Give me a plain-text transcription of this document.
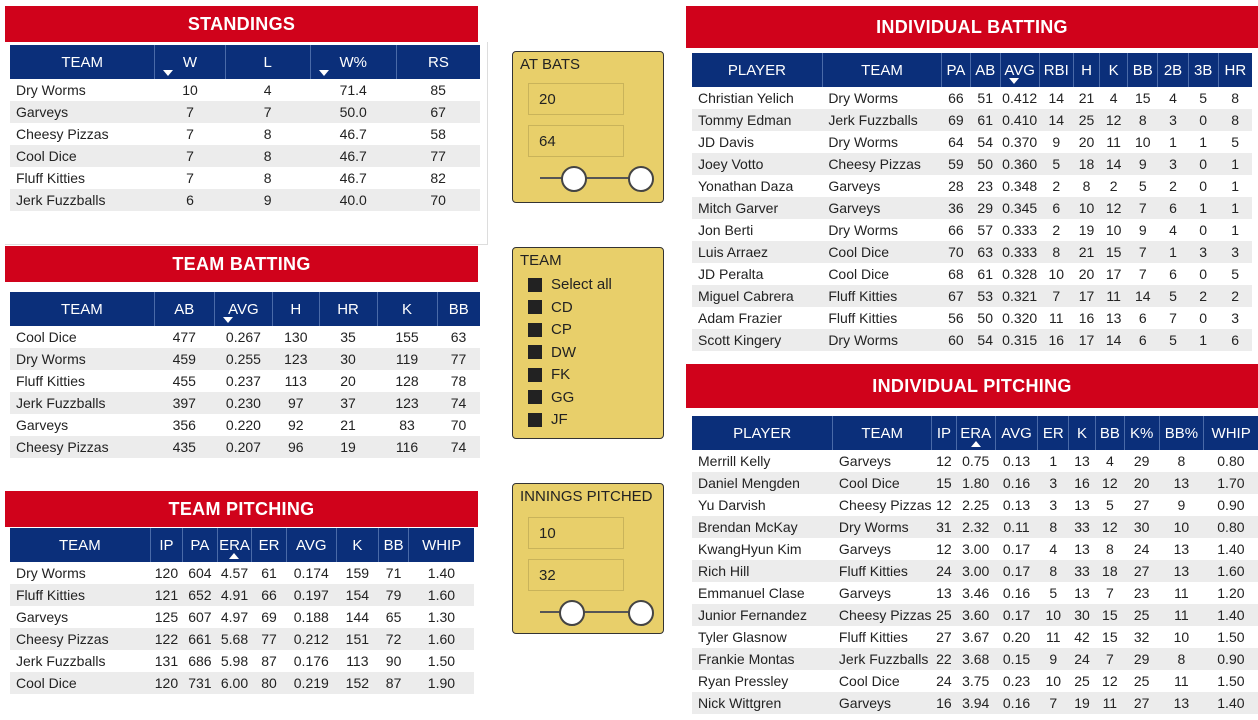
STANDINGS
TEAM	W	L	W%	RS
Dry Worms	10	4	71.4	85
Garveys	7	7	50.0	67
Cheesy Pizzas	7	8	46.7	58
Cool Dice	7	8	46.7	77
Fluff Kitties	7	8	46.7	82
Jerk Fuzzballs	6	9	40.0	70
TEAM BATTING
TEAM	AB	AVG	H	HR	K	BB
Cool Dice	477	0.267	130	35	155	63
Dry Worms	459	0.255	123	30	119	77
Fluff Kitties	455	0.237	113	20	128	78
Jerk Fuzzballs	397	0.230	97	37	123	74
Garveys	356	0.220	92	21	83	70
Cheesy Pizzas	435	0.207	96	19	116	74
TEAM PITCHING
TEAM	IP	PA	ERA	ER	AVG	K	BB	WHIP
Dry Worms	120	604	4.57	61	0.174	159	71	1.40
Fluff Kitties	121	652	4.91	66	0.197	154	79	1.60
Garveys	125	607	4.97	69	0.188	144	65	1.30
Cheesy Pizzas	122	661	5.68	77	0.212	151	72	1.60
Jerk Fuzzballs	131	686	5.98	87	0.176	113	90	1.50
Cool Dice	120	731	6.00	80	0.219	152	87	1.90
AT BATS
20
64
TEAM
Select all
CD
CP
DW
FK
GG
JF
INNINGS PITCHED
10
32
INDIVIDUAL BATTING
PLAYER	TEAM	PA	AB	AVG	RBI	H	K	BB	2B	3B	HR
Christian Yelich	Dry Worms	66	51	0.412	14	21	4	15	4	5	8
Tommy Edman	Jerk Fuzzballs	69	61	0.410	14	25	12	8	3	0	8
JD Davis	Dry Worms	64	54	0.370	9	20	11	10	1	1	5
Joey Votto	Cheesy Pizzas	59	50	0.360	5	18	14	9	3	0	1
Yonathan Daza	Garveys	28	23	0.348	2	8	2	5	2	0	1
Mitch Garver	Garveys	36	29	0.345	6	10	12	7	6	1	1
Jon Berti	Dry Worms	66	57	0.333	2	19	10	9	4	0	1
Luis Arraez	Cool Dice	70	63	0.333	8	21	15	7	1	3	3
JD Peralta	Cool Dice	68	61	0.328	10	20	17	7	6	0	5
Miguel Cabrera	Fluff Kitties	67	53	0.321	7	17	11	14	5	2	2
Adam Frazier	Fluff Kitties	56	50	0.320	11	16	13	6	7	0	3
Scott Kingery	Dry Worms	60	54	0.315	16	17	14	6	5	1	6
INDIVIDUAL PITCHING
PLAYER	TEAM	IP	ERA	AVG	ER	K	BB	K%	BB%	WHIP
Merrill Kelly	Garveys	12	0.75	0.13	1	13	4	29	8	0.80
Daniel Mengden	Cool Dice	15	1.80	0.16	3	16	12	20	13	1.70
Yu Darvish	Cheesy Pizzas	12	2.25	0.13	3	13	5	27	9	0.90
Brendan McKay	Dry Worms	31	2.32	0.11	8	33	12	30	10	0.80
KwangHyun Kim	Garveys	12	3.00	0.17	4	13	8	24	13	1.40
Rich Hill	Fluff Kitties	24	3.00	0.17	8	33	18	27	13	1.60
Emmanuel Clase	Garveys	13	3.46	0.16	5	13	7	23	11	1.20
Junior Fernandez	Cheesy Pizzas	25	3.60	0.17	10	30	15	25	11	1.40
Tyler Glasnow	Fluff Kitties	27	3.67	0.20	11	42	15	32	10	1.50
Frankie Montas	Jerk Fuzzballs	22	3.68	0.15	9	24	7	29	8	0.90
Ryan Pressley	Cool Dice	24	3.75	0.23	10	25	12	25	11	1.50
Nick Wittgren	Garveys	16	3.94	0.16	7	19	11	27	13	1.40
